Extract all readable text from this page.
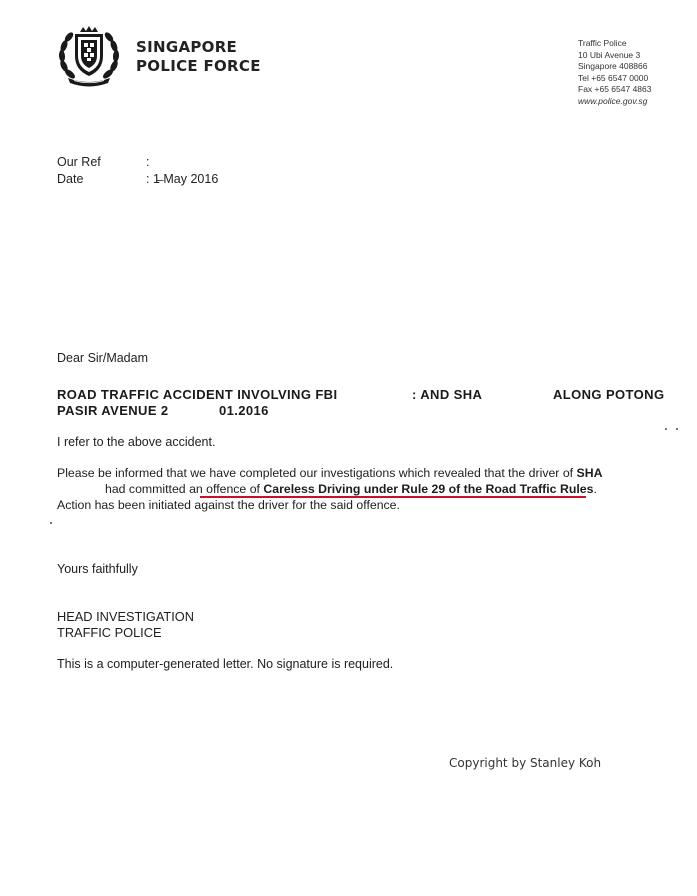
SINGAPORE
POLICE FORCE
Traffic Police
10 Ubi Avenue 3
Singapore 408866
Tel +65 6547 0000
Fax +65 6547 4863
www.police.gov.sg
Our Ref	:
Date	: 1̶ May 2016
Dear Sir/Madam
ROAD TRAFFIC ACCIDENT INVOLVING FBI	: AND SHA	ALONG POTONG
PASIR AVENUE 2	01.2016
I refer to the above accident.
Please be informed that we have completed our investigations which revealed that the driver of SHA
had committed an offence of Careless Driving under Rule 29 of the Road Traffic Rules.
Action has been initiated against the driver for the said offence.
Yours faithfully
HEAD INVESTIGATION
TRAFFIC POLICE
This is a computer-generated letter. No signature is required.
Copyright by Stanley Koh
